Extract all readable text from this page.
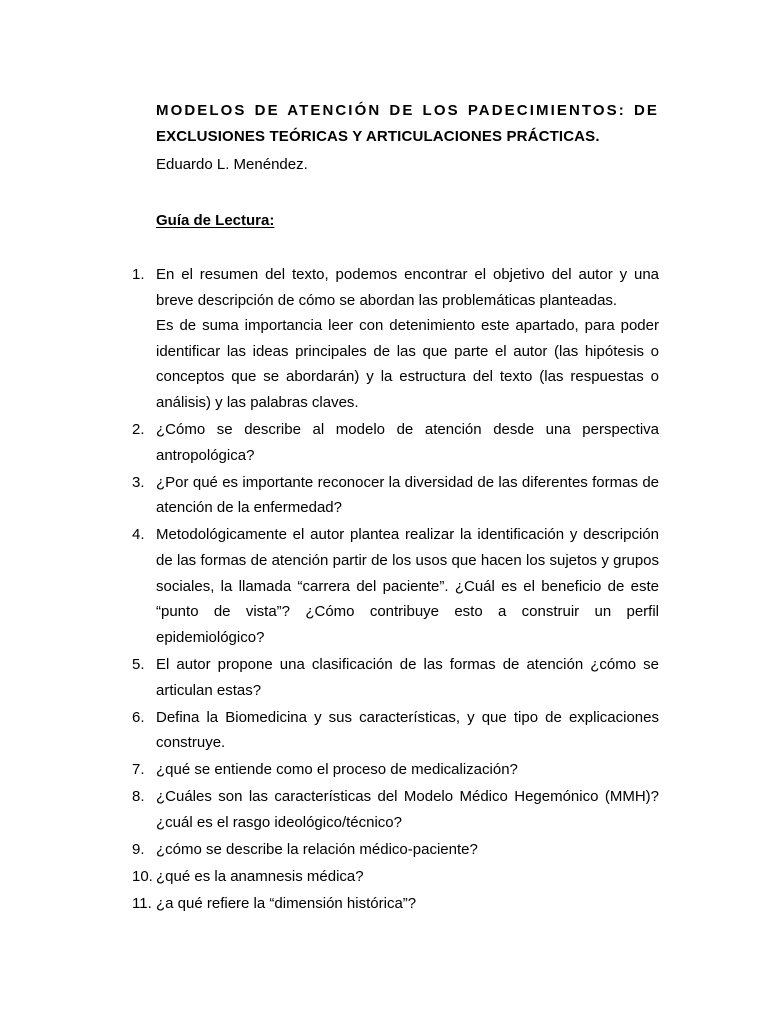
MODELOS DE ATENCIÓN DE LOS PADECIMIENTOS: DE
EXCLUSIONES TEÓRICAS Y ARTICULACIONES PRÁCTICAS.
Eduardo L. Menéndez.
Guía de Lectura:
1. En el resumen del texto, podemos encontrar el objetivo del autor y una breve descripción de cómo se abordan las problemáticas planteadas.

Es de suma importancia leer con detenimiento este apartado, para poder identificar las ideas principales de las que parte el autor (las hipótesis o conceptos que se abordarán) y la estructura del texto (las respuestas o análisis) y las palabras claves.

2. ¿Cómo se describe al modelo de atención desde una perspectiva antropológica?

3. ¿Por qué es importante reconocer la diversidad de las diferentes formas de atención de la enfermedad?

4. Metodológicamente el autor plantea realizar la identificación y descripción de las formas de atención partir de los usos que hacen los sujetos y grupos sociales, la llamada “carrera del paciente”. ¿Cuál es el beneficio de este “punto de vista”? ¿Cómo contribuye esto a construir un perfil epidemiológico?

5. El autor propone una clasificación de las formas de atención ¿cómo se articulan estas?

6. Defina la Biomedicina y sus características, y que tipo de explicaciones construye.

7. ¿qué se entiende como el proceso de medicalización?

8. ¿Cuáles son las características del Modelo Médico Hegemónico (MMH)? ¿cuál es el rasgo ideológico/técnico?

9. ¿cómo se describe la relación médico-paciente?

10. ¿qué es la anamnesis médica?

11. ¿a qué refiere la “dimensión histórica”?
